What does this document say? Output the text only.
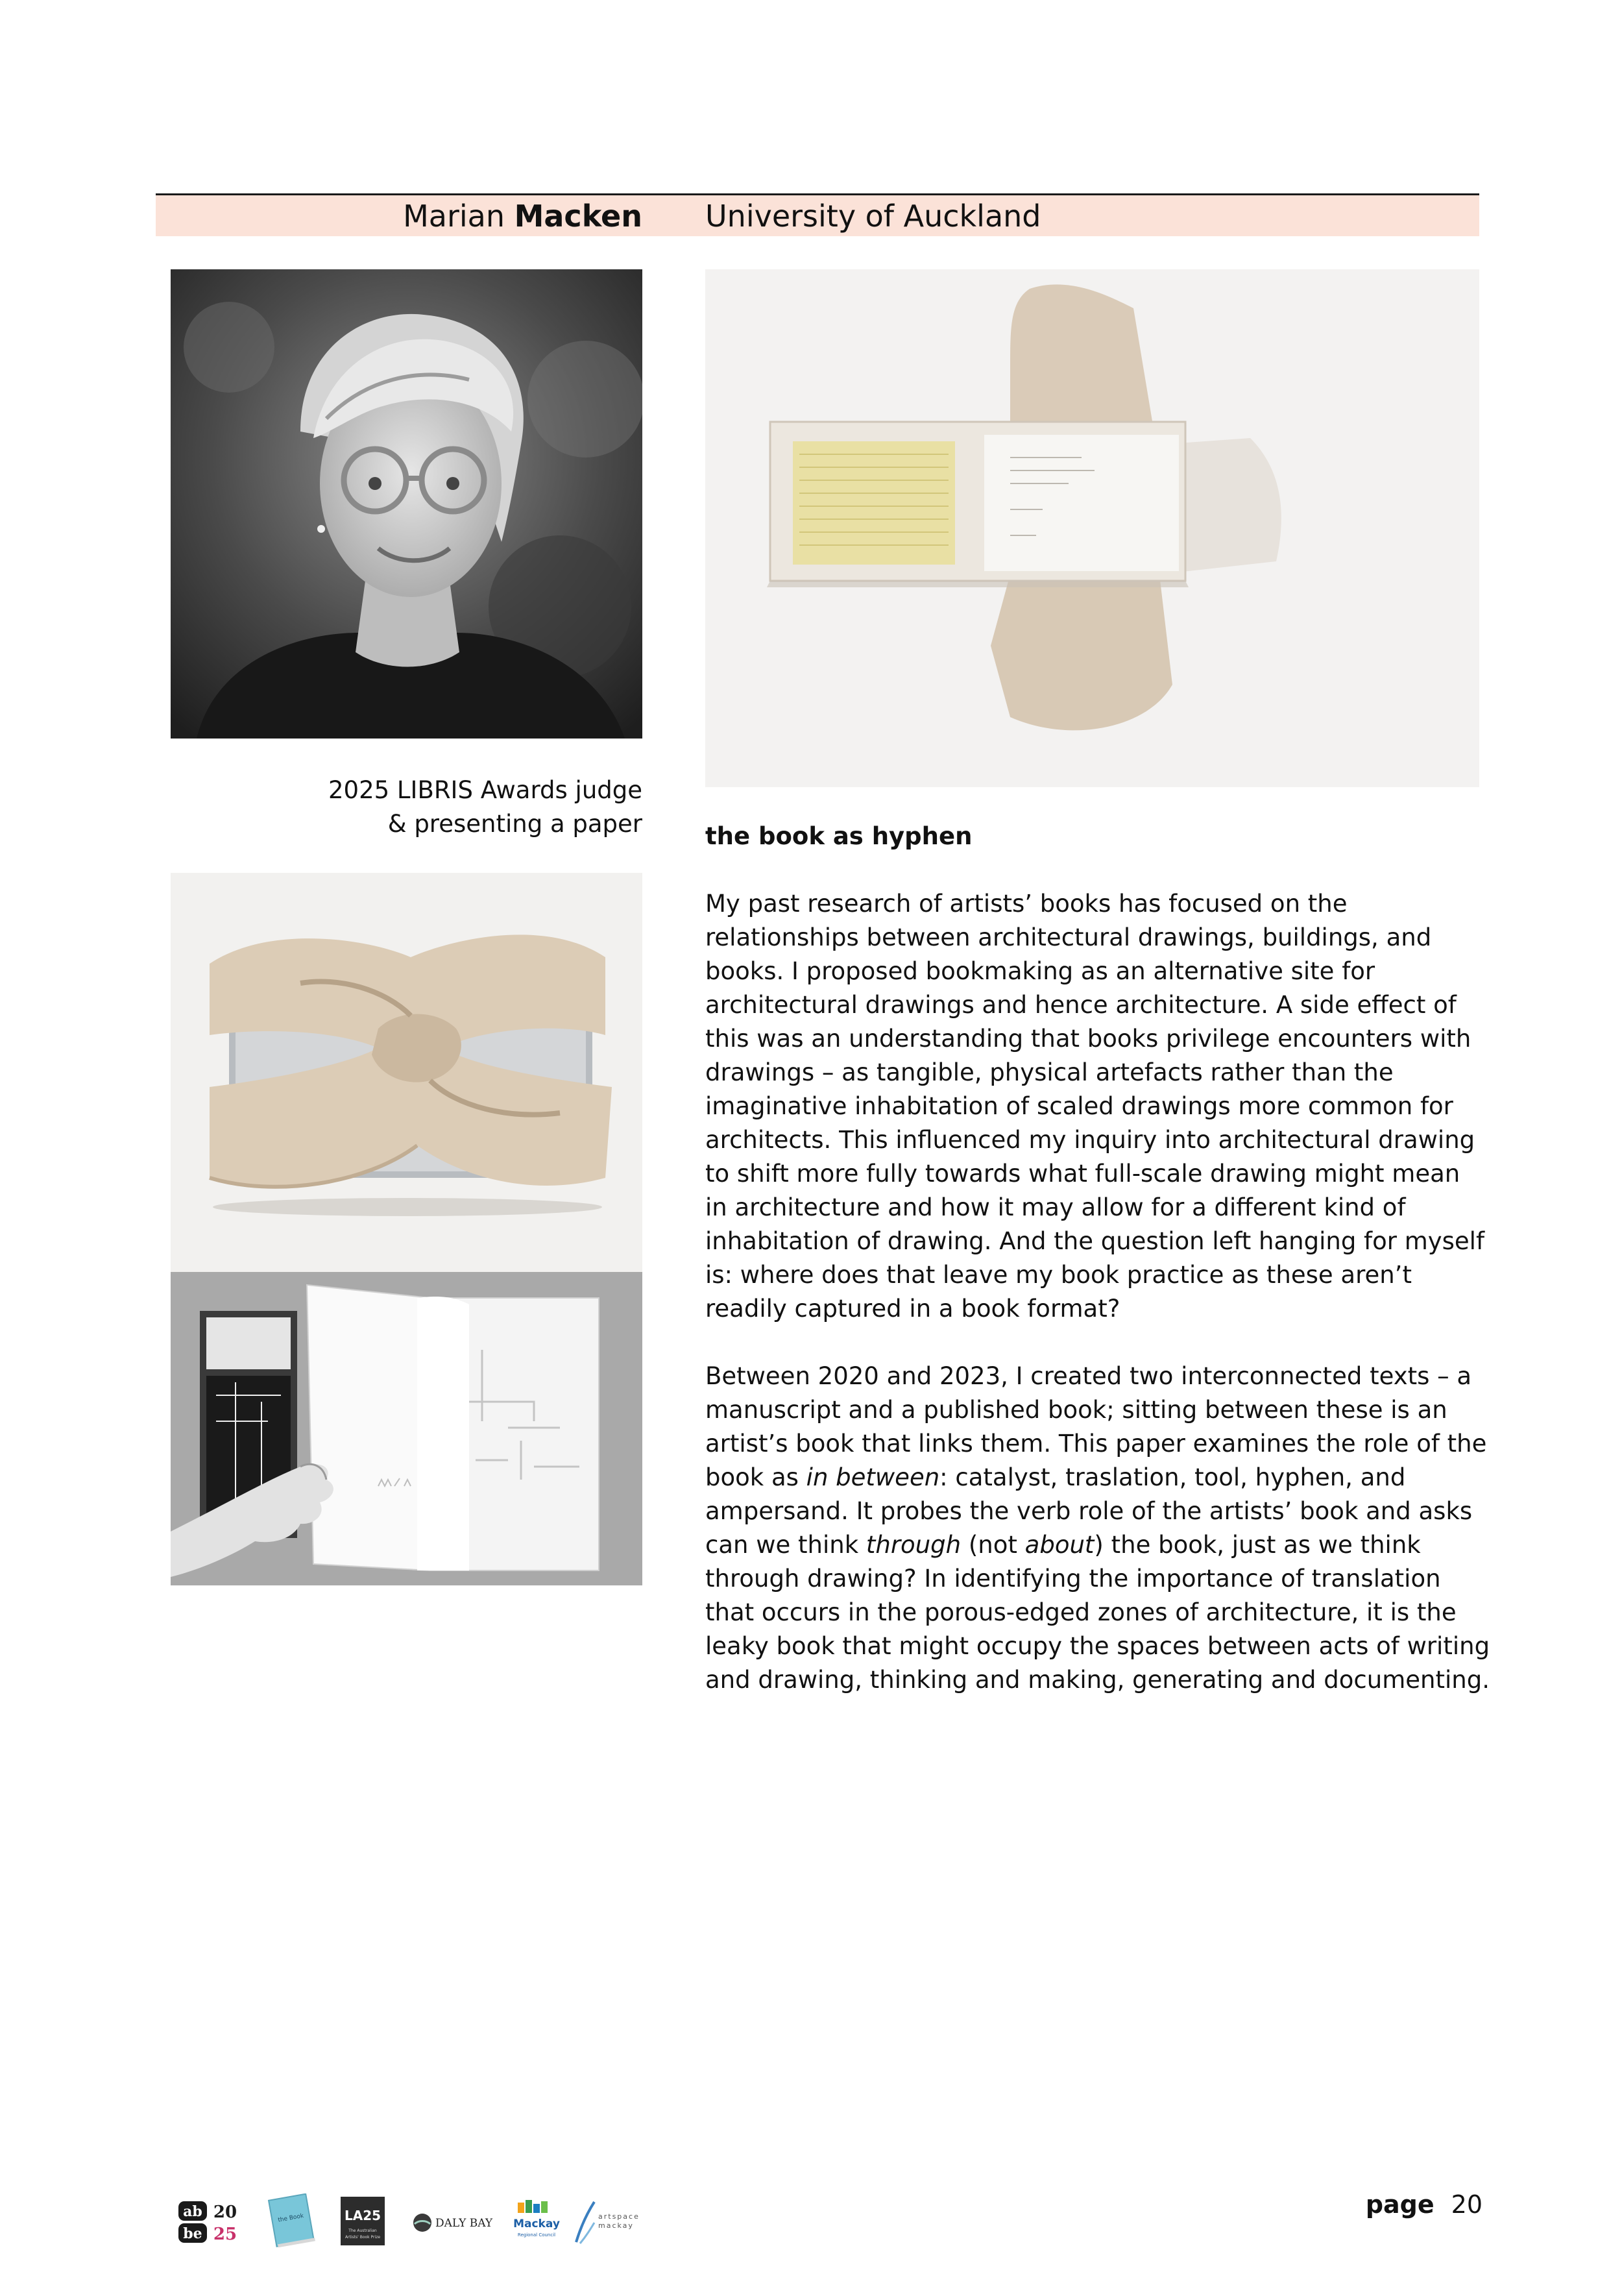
Marian Macken University of Auckland
2025 LIBRIS Awards judge
& presenting a paper	the book as hyphen
My past research of artists’ books has focused on the
relationships between architectural drawings, buildings, and
books. I proposed bookmaking as an alternative site for
architectural drawings and hence architecture. A side effect of
this was an understanding that books privilege encounters with
drawings – as tangible, physical artefacts rather than the
imaginative inhabitation of scaled drawings more common for
architects. This influenced my inquiry into architectural drawing
to shift more fully towards what full-scale drawing might mean
in architecture and how it may allow for a different kind of
inhabitation of drawing. And the question left hanging for myself
is: where does that leave my book practice as these aren’t
readily captured in a book format?
Between 2020 and 2023, I created two interconnected texts – a
manuscript and a published book; sitting between these is an
artist’s book that links them. This paper examines the role of the
book as in between: catalyst, traslation, tool, hyphen, and
ampersand. It probes the verb role of the artists’ book and asks
can we think through (not about) the book, just as we think
through drawing? In identifying the importance of translation
that occurs in the porous-edged zones of architecture, it is the
leaky book that might occupy the spaces between acts of writing
and drawing, thinking and making, generating and documenting.
ab
be
20
25
the Book	LA25
The Australian
Artists' Book Prize
DALY BAY Mackay
Regional Council
artspace
mackay
page 20
